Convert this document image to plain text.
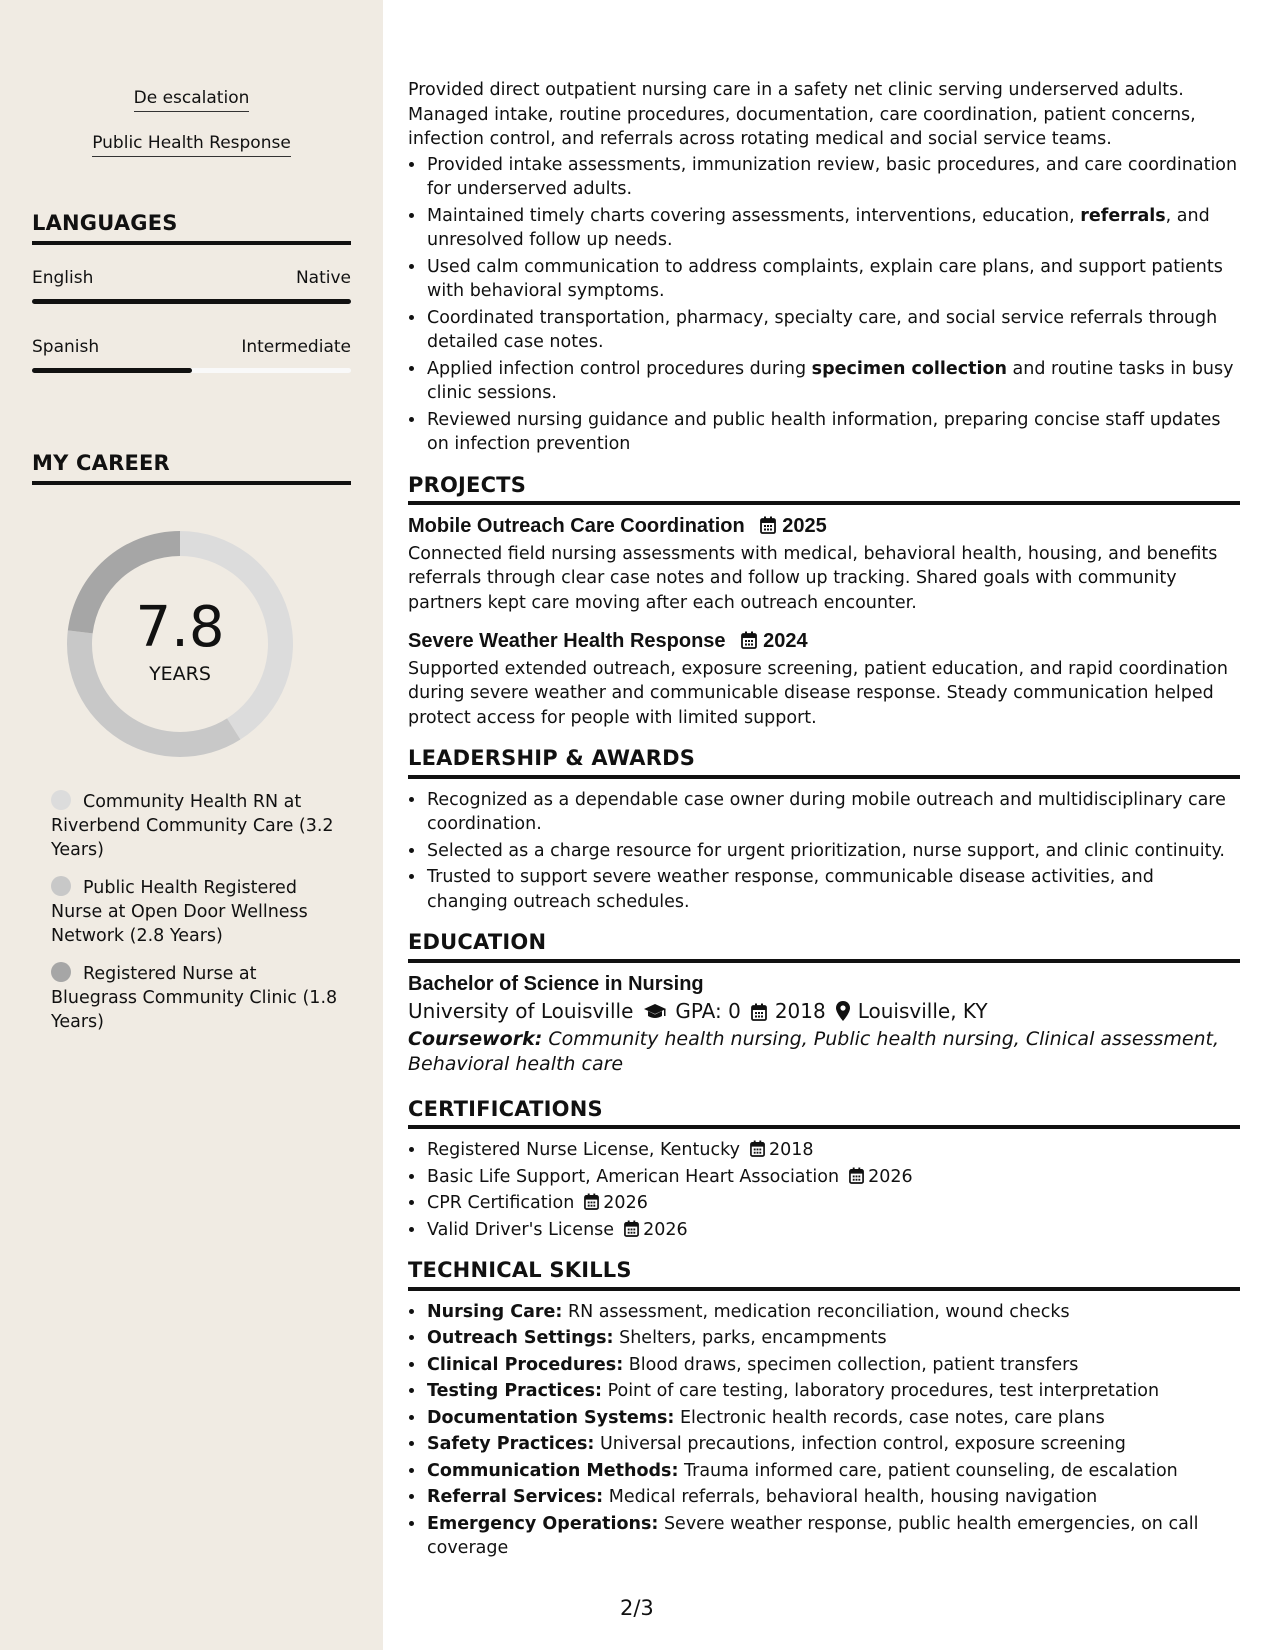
De escalation
Public Health Response
LANGUAGES
English	Native
Spanish	Intermediate
MY CAREER
7.8
YEARS
Community Health RN at Riverbend Community Care (3.2 Years)
Public Health Registered Nurse at Open Door Wellness Network (2.8 Years)
Registered Nurse at Bluegrass Community Clinic (1.8 Years)

Provided direct outpatient nursing care in a safety net clinic serving underserved adults. Managed intake, routine procedures, documentation, care coordination, patient concerns, infection control, and referrals across rotating medical and social service teams.

• Provided intake assessments, immunization review, basic procedures, and care coordination for underserved adults.
• Maintained timely charts covering assessments, interventions, education, referrals, and unresolved follow up needs.
• Used calm communication to address complaints, explain care plans, and support patients with behavioral symptoms.
• Coordinated transportation, pharmacy, specialty care, and social service referrals through detailed case notes.
• Applied infection control procedures during specimen collection and routine tasks in busy clinic sessions.
• Reviewed nursing guidance and public health information, preparing concise staff updates on infection prevention
PROJECTS
Mobile Outreach Care Coordination 2025

Connected field nursing assessments with medical, behavioral health, housing, and benefits referrals through clear case notes and follow up tracking. Shared goals with community partners kept care moving after each outreach encounter.

Severe Weather Health Response 2024

Supported extended outreach, exposure screening, patient education, and rapid coordination during severe weather and communicable disease response. Steady communication helped protect access for people with limited support.

LEADERSHIP & AWARDS
• Recognized as a dependable case owner during mobile outreach and multidisciplinary care coordination.
• Selected as a charge resource for urgent prioritization, nurse support, and clinic continuity.
• Trusted to support severe weather response, communicable disease activities, and changing outreach schedules.
EDUCATION
Bachelor of Science in Nursing
University of Louisville GPA: 0 2018 Louisville, KY
Coursework: Community health nursing, Public health nursing, Clinical assessment, Behavioral health care
CERTIFICATIONS
• Registered Nurse License, Kentucky 2018
• Basic Life Support, American Heart Association 2026
• CPR Certification 2026
• Valid Driver's License 2026
TECHNICAL SKILLS
• Nursing Care: RN assessment, medication reconciliation, wound checks
• Outreach Settings: Shelters, parks, encampments
• Clinical Procedures: Blood draws, specimen collection, patient transfers
• Testing Practices: Point of care testing, laboratory procedures, test interpretation
• Documentation Systems: Electronic health records, case notes, care plans
• Safety Practices: Universal precautions, infection control, exposure screening
• Communication Methods: Trauma informed care, patient counseling, de escalation
• Referral Services: Medical referrals, behavioral health, housing navigation
• Emergency Operations: Severe weather response, public health emergencies, on call coverage
2/3
